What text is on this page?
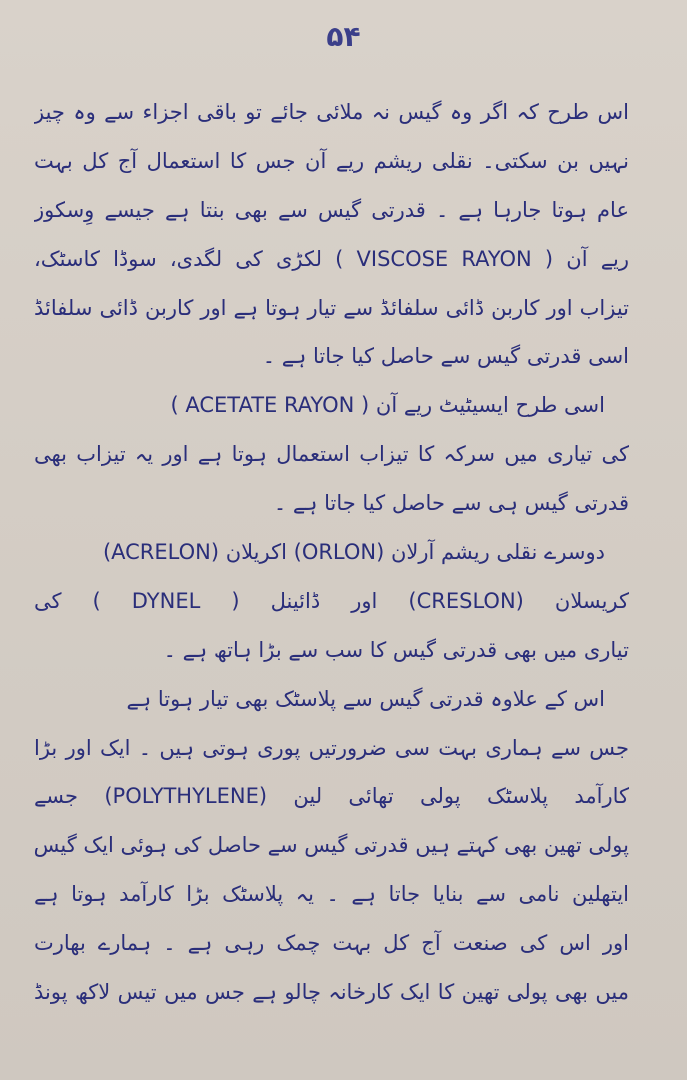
۵۴
اس طرح کہ اگر وہ گیس نہ ملائی جائے تو باقی اجزاء سے وہ چیز
نہیں بن سکتی۔ نقلی ریشم ریے آن جس کا استعمال آج کل بہت
عام ہوتا جارہا ہے ۔ قدرتی گیس سے بھی بنتا ہے جیسے وِسکوز
ریے آن ( VISCOSE RAYON ) لکڑی کی لگدی، سوڈا کاسٹک،
تیزاب اور کاربن ڈائی سلفائڈ سے تیار ہوتا ہے اور کاربن ڈائی سلفائڈ
اسی قدرتی گیس سے حاصل کیا جاتا ہے ۔
اسی طرح ایسیٹیٹ ریے آن ( ACETATE RAYON )
کی تیاری میں سرکہ کا تیزاب استعمال ہوتا ہے اور یہ تیزاب بھی
قدرتی گیس ہی سے حاصل کیا جاتا ہے ۔
دوسرے نقلی ریشم آرلان (ORLON) اکریلان (ACRELON)
کریسلان (CRESLON) اور ڈائینل ( DYNEL ) کی
تیاری میں بھی قدرتی گیس کا سب سے بڑا ہاتھ ہے ۔
اس کے علاوہ قدرتی گیس سے پلاسٹک بھی تیار ہوتا ہے
جس سے ہماری بہت سی ضرورتیں پوری ہوتی ہیں ۔ ایک اور بڑا
کارآمد پلاسٹک پولی تھائی لین (POLYTHYLENE) جسے
پولی تھین بھی کہتے ہیں قدرتی گیس سے حاصل کی ہوئی ایک گیس
ایتھلین نامی سے بنایا جاتا ہے ۔ یہ پلاسٹک بڑا کارآمد ہوتا ہے
اور اس کی صنعت آج کل بہت چمک رہی ہے ۔ ہمارے بھارت
میں بھی پولی تھین کا ایک کارخانہ چالو ہے جس میں تیس لاکھ پونڈ
